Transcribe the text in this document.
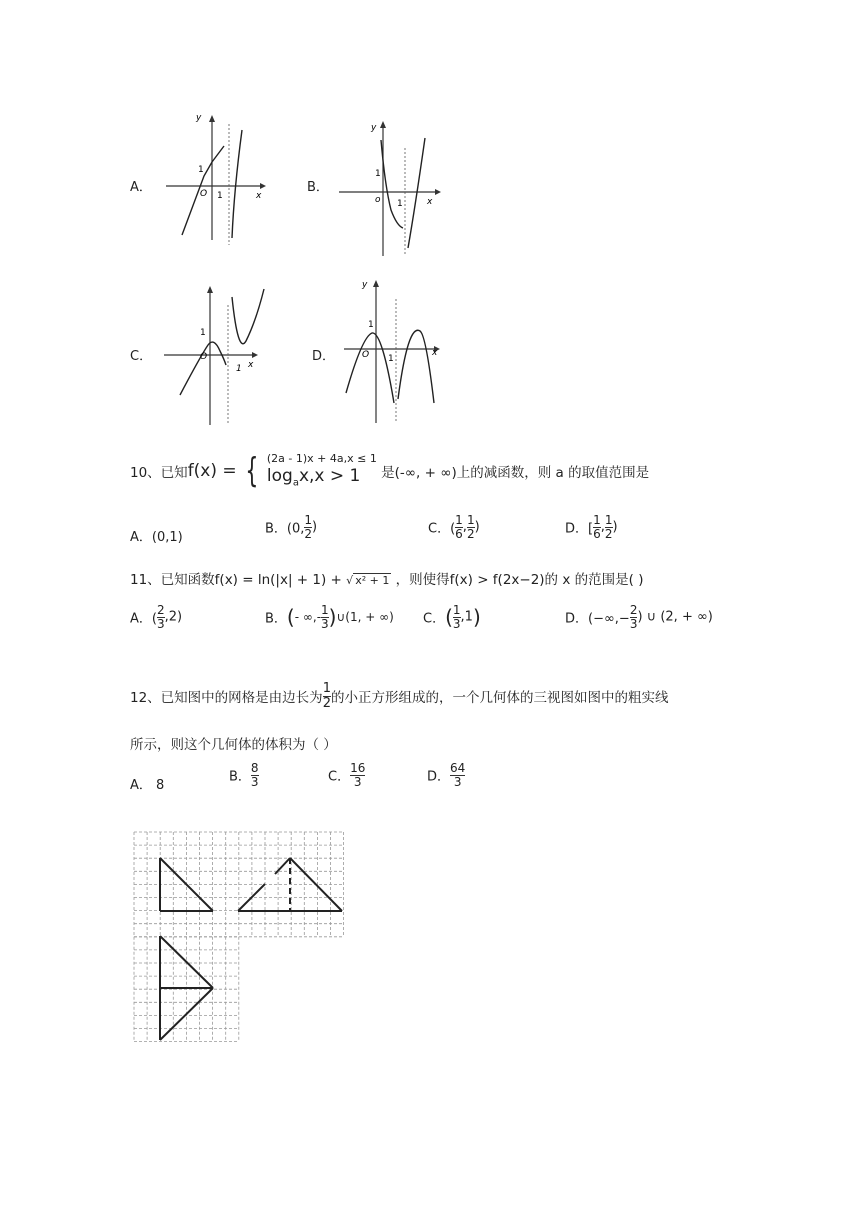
A．
y
x
O
1
1
B．
y
x
o
1
1
C．
1 x
O
1
D．
y
x
O
1
1
10、已知f(x) = { (2a - 1)x + 4a,x ≤ 1
$\log_ax,x > 1$	是(‐∞, + ∞)上的减函数，则 a 的取值范围是
A．(0,1)
B．(0, $\frac{1}{2}$ )	C．( $\frac{1}{6}$ , $\frac{1}{2}$ )	D．[ $\frac{1}{6}$ , $\frac{1}{2}$ )
11、已知函数f(x) = ln(|x| + 1) + √ x² + 1 ，则使得f(x) > f(2x−2)的 x 的范围是( )
A．( $\frac{2}{3} ,2$)	B．(‐ ∞,‐ $\frac{1}{3}$ )∪(1, + ∞) C．( $\frac{1}{3} ,1$)	D．(−∞,− $\frac{2}{3}$ ) ∪ (2, + ∞)
12、已知图中的网格是由边长为 $\frac{1}{2}$ 的小正方形组成的，一个几何体的三视图如图中的粗实线
所示，则这个几何体的体积为（ ）
A． 8
B． $\frac{8}{3}$	C． $\frac{16}{3}$	D． $\frac{64}{3}$
